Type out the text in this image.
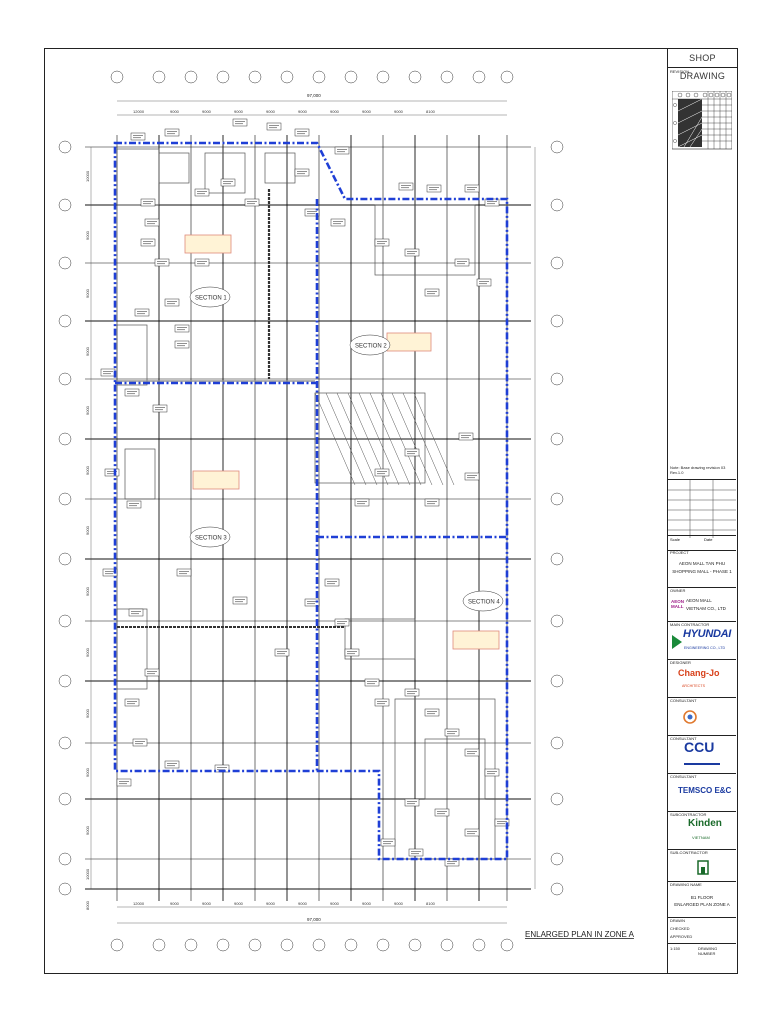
12000
12000
9000
9000
9000
9000
9000
9000
9000
9000
9000
9000
9000
9000
9000
9000
9000
9000
8100
8100
10000
9000
9000
9000
9000
9000
9000
9000
9000
9000
9000
9000
10000
8000
SECTION 1
SECTION 2
SECTION 3
SECTION 4
ENLARGED PLAN IN ZONE A
97,000
97,000
SHOP DRAWING
REVISION
Note: Base drawing revision 03 Rev.1.0
Scale	Date
PROJECT
AEON MALL TAN PHU
SHOPPING MALL - PHASE 1
OWNER
AEON
MALL
AEON MALL
VIETNAM CO., LTD
MAIN CONTRACTOR
HYUNDAI
ENGINEERING CO., LTD
DESIGNER
Chang-Jo
ARCHITECTS
CONSULTANT
CONSULTANT
CCU
CONSULTANT
TEMSCO E&C
SUBCONTRACTOR
Kinden
VIETNAM
SUB-CONTRACTOR
DRAWING NAME
B1 FLOOR
ENLARGED PLAN ZONE A
DRAWN
CHECKED
APPROVED
1:150	DRAWING NUMBER
